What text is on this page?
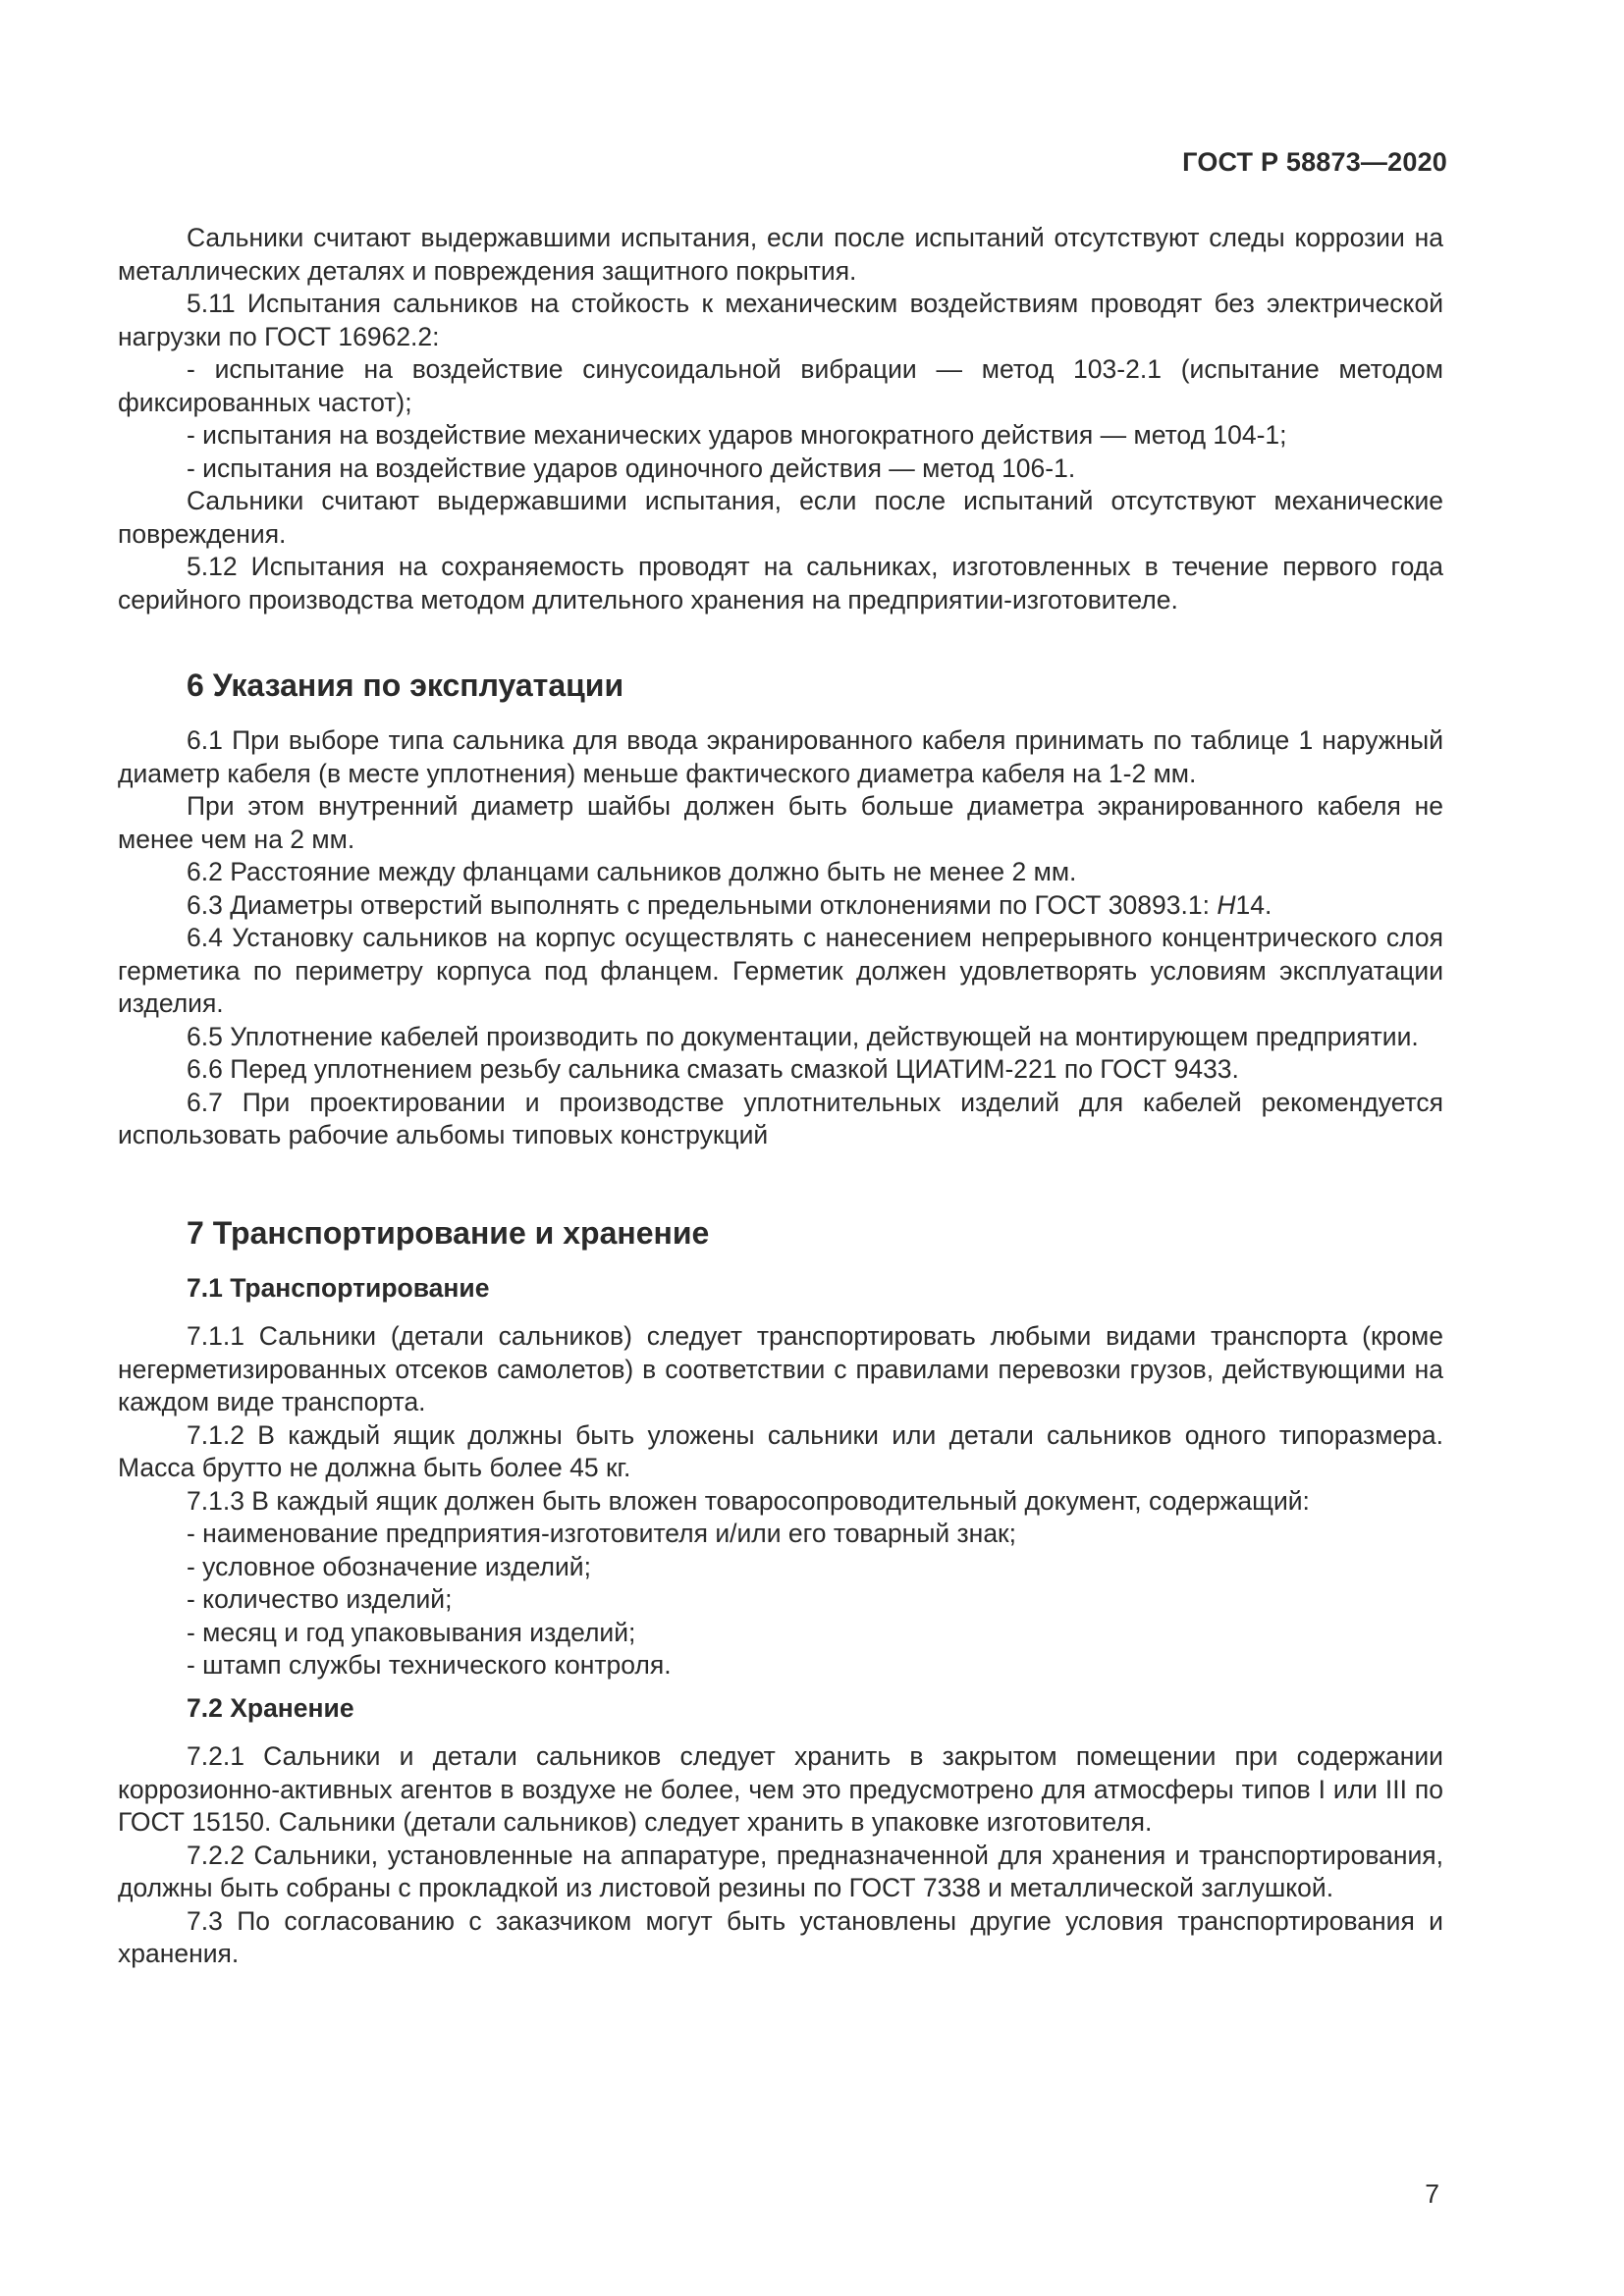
ГОСТ Р 58873—2020

Сальники считают выдержавшими испытания, если после испытаний отсутствуют следы коррозии на металлических деталях и повреждения защитного покрытия.

5.11 Испытания сальников на стойкость к механическим воздействиям проводят без электрической нагрузки по ГОСТ 16962.2:

- испытание на воздействие синусоидальной вибрации — метод 103-2.1 (испытание методом фиксированных частот);

- испытания на воздействие механических ударов многократного действия — метод 104-1;

- испытания на воздействие ударов одиночного действия — метод 106-1.

Сальники считают выдержавшими испытания, если после испытаний отсутствуют механические повреждения.

5.12 Испытания на сохраняемость проводят на сальниках, изготовленных в течение первого года серийного производства методом длительного хранения на предприятии-изготовителе.

6 Указания по эксплуатации

6.1 При выборе типа сальника для ввода экранированного кабеля принимать по таблице 1 наружный диаметр кабеля (в месте уплотнения) меньше фактического диаметра кабеля на 1-2 мм.

При этом внутренний диаметр шайбы должен быть больше диаметра экранированного кабеля не менее чем на 2 мм.

6.2 Расстояние между фланцами сальников должно быть не менее 2 мм.

6.3 Диаметры отверстий выполнять с предельными отклонениями по ГОСТ 30893.1: H14.

6.4 Установку сальников на корпус осуществлять с нанесением непрерывного концентрического слоя герметика по периметру корпуса под фланцем. Герметик должен удовлетворять условиям эксплуатации изделия.

6.5 Уплотнение кабелей производить по документации, действующей на монтирующем предприятии.

6.6 Перед уплотнением резьбу сальника смазать смазкой ЦИАТИМ-221 по ГОСТ 9433.

6.7 При проектировании и производстве уплотнительных изделий для кабелей рекомендуется использовать рабочие альбомы типовых конструкций

7 Транспортирование и хранение
7.1 Транспортирование

7.1.1 Сальники (детали сальников) следует транспортировать любыми видами транспорта (кроме негерметизированных отсеков самолетов) в соответствии с правилами перевозки грузов, действующими на каждом виде транспорта.

7.1.2 В каждый ящик должны быть уложены сальники или детали сальников одного типоразмера. Масса брутто не должна быть более 45 кг.

7.1.3 В каждый ящик должен быть вложен товаросопроводительный документ, содержащий:

- наименование предприятия-изготовителя и/или его товарный знак;

- условное обозначение изделий;

- количество изделий;

- месяц и год упаковывания изделий;

- штамп службы технического контроля.

7.2 Хранение

7.2.1 Сальники и детали сальников следует хранить в закрытом помещении при содержании коррозионно-активных агентов в воздухе не более, чем это предусмотрено для атмосферы типов I или III по ГОСТ 15150. Сальники (детали сальников) следует хранить в упаковке изготовителя.

7.2.2 Сальники, установленные на аппаратуре, предназначенной для хранения и транспортирования, должны быть собраны с прокладкой из листовой резины по ГОСТ 7338 и металлической заглушкой.

7.3 По согласованию с заказчиком могут быть установлены другие условия транспортирования и хранения.

7
